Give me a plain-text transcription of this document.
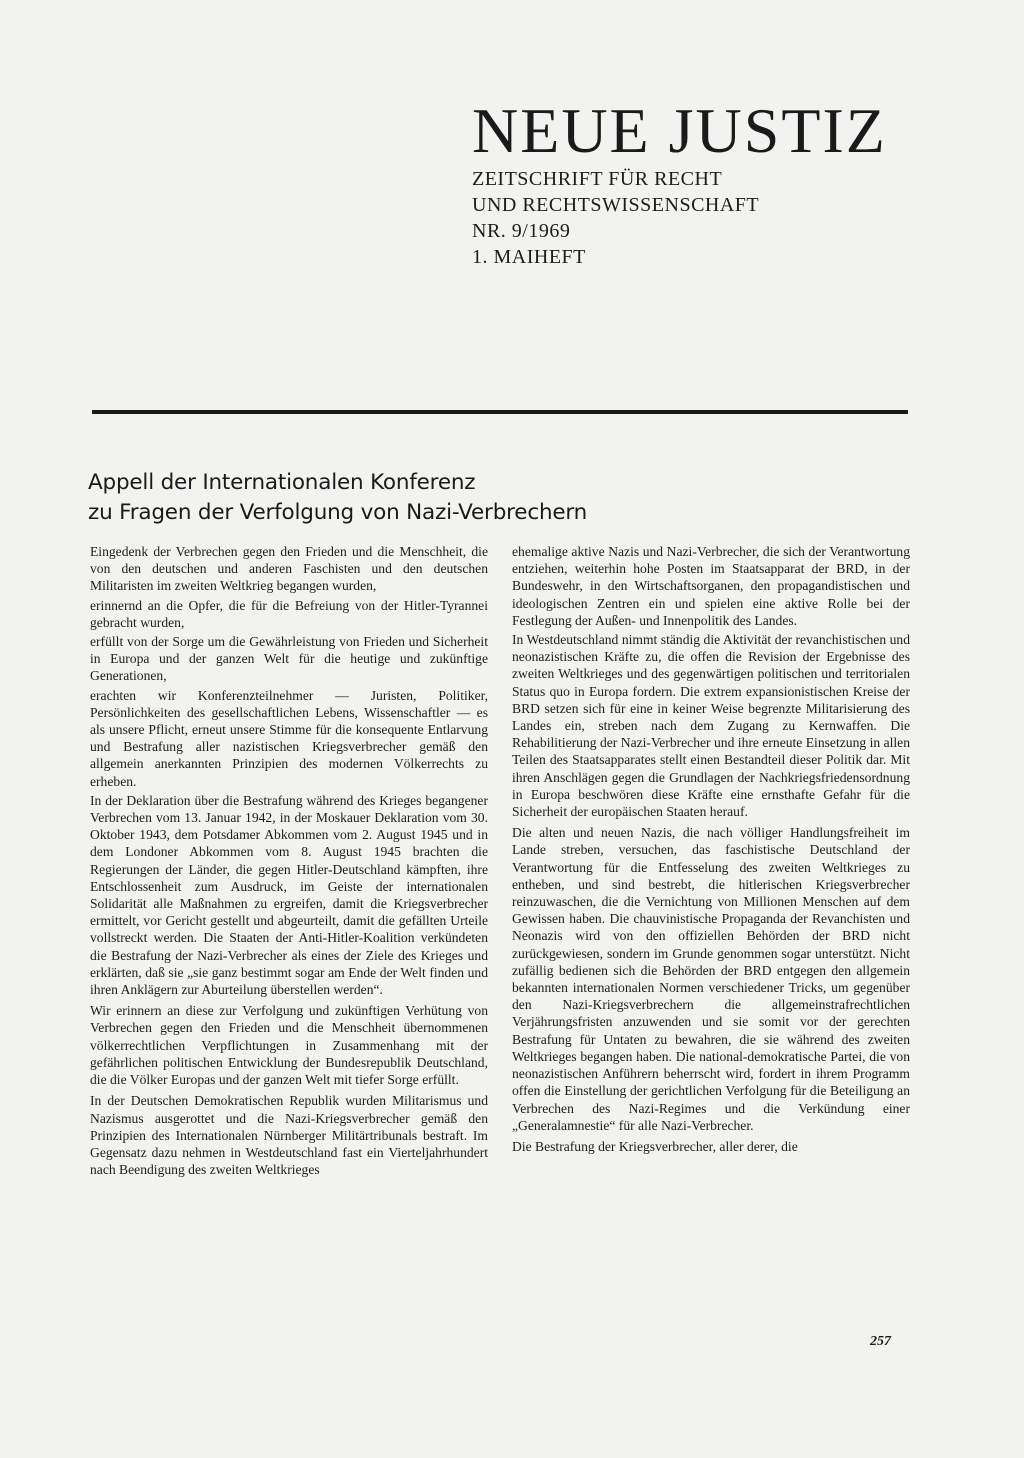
NEUE JUSTIZ
ZEITSCHRIFT FÜR RECHT
UND RECHTSWISSENSCHAFT
NR. 9/1969
1. MAIHEFT
Appell der Internationalen Konferenz
zu Fragen der Verfolgung von Nazi-Verbrechern

Eingedenk der Verbrechen gegen den Frieden und die Menschheit, die von den deutschen und anderen Faschisten und den deutschen Militaristen im zweiten Weltkrieg begangen wurden,

erinnernd an die Opfer, die für die Befreiung von der Hitler-Tyrannei gebracht wurden,

erfüllt von der Sorge um die Gewährleistung von Frieden und Sicherheit in Europa und der ganzen Welt für die heutige und zukünftige Generationen,

erachten wir Konferenzteilnehmer — Juristen, Politiker, Persönlichkeiten des gesellschaftlichen Lebens, Wissenschaftler — es als unsere Pflicht, erneut unsere Stimme für die konsequente Entlarvung und Bestrafung aller nazistischen Kriegsverbrecher gemäß den allgemein anerkannten Prinzipien des modernen Völkerrechts zu erheben.

In der Deklaration über die Bestrafung während des Krieges begangener Verbrechen vom 13. Januar 1942, in der Moskauer Deklaration vom 30. Oktober 1943, dem Potsdamer Abkommen vom 2. August 1945 und in dem Londoner Abkommen vom 8. August 1945 brachten die Regierungen der Länder, die gegen Hitler-Deutschland kämpften, ihre Entschlossenheit zum Ausdruck, im Geiste der internationalen Solidarität alle Maßnahmen zu ergreifen, damit die Kriegsverbrecher ermittelt, vor Gericht gestellt und abgeurteilt, damit die gefällten Urteile vollstreckt werden. Die Staaten der Anti-Hitler-Koalition verkündeten die Bestrafung der Nazi-Verbrecher als eines der Ziele des Krieges und erklärten, daß sie „sie ganz bestimmt sogar am Ende der Welt finden und ihren Anklägern zur Aburteilung überstellen werden“.

Wir erinnern an diese zur Verfolgung und zukünftigen Verhütung von Verbrechen gegen den Frieden und die Menschheit übernommenen völkerrechtlichen Verpflichtungen in Zusammenhang mit der gefährlichen politischen Entwicklung der Bundesrepublik Deutschland, die die Völker Europas und der ganzen Welt mit tiefer Sorge erfüllt.

In der Deutschen Demokratischen Republik wurden Militarismus und Nazismus ausgerottet und die Nazi-Kriegsverbrecher gemäß den Prinzipien des Internationalen Nürnberger Militärtribunals bestraft. Im Gegensatz dazu nehmen in Westdeutschland fast ein Vierteljahrhundert nach Beendigung des zweiten Weltkrieges

ehemalige aktive Nazis und Nazi-Verbrecher, die sich der Verantwortung entziehen, weiterhin hohe Posten im Staatsapparat der BRD, in der Bundeswehr, in den Wirtschaftsorganen, den propagandistischen und ideologischen Zentren ein und spielen eine aktive Rolle bei der Festlegung der Außen- und Innenpolitik des Landes.

In Westdeutschland nimmt ständig die Aktivität der revanchistischen und neonazistischen Kräfte zu, die offen die Revision der Ergebnisse des zweiten Weltkrieges und des gegenwärtigen politischen und territorialen Status quo in Europa fordern. Die extrem expansionistischen Kreise der BRD setzen sich für eine in keiner Weise begrenzte Militarisierung des Landes ein, streben nach dem Zugang zu Kernwaffen. Die Rehabilitierung der Nazi-Verbrecher und ihre erneute Einsetzung in allen Teilen des Staatsapparates stellt einen Bestandteil dieser Politik dar. Mit ihren Anschlägen gegen die Grundlagen der Nachkriegsfriedensordnung in Europa beschwören diese Kräfte eine ernsthafte Gefahr für die Sicherheit der europäischen Staaten herauf.

Die alten und neuen Nazis, die nach völliger Handlungsfreiheit im Lande streben, versuchen, das faschistische Deutschland der Verantwortung für die Entfesselung des zweiten Weltkrieges zu entheben, und sind bestrebt, die hitlerischen Kriegsverbrecher reinzuwaschen, die die Vernichtung von Millionen Menschen auf dem Gewissen haben. Die chauvinistische Propaganda der Revanchisten und Neonazis wird von den offiziellen Behörden der BRD nicht zurückgewiesen, sondern im Grunde genommen sogar unterstützt. Nicht zufällig bedienen sich die Behörden der BRD entgegen den allgemein bekannten internationalen Normen verschiedener Tricks, um gegenüber den Nazi-Kriegsverbrechern die allgemeinstrafrechtlichen Verjährungsfristen anzuwenden und sie somit vor der gerechten Bestrafung für Untaten zu bewahren, die sie während des zweiten Weltkrieges begangen haben. Die national-demokratische Partei, die von neonazistischen Anführern beherrscht wird, fordert in ihrem Programm offen die Einstellung der gerichtlichen Verfolgung für die Beteiligung an Verbrechen des Nazi-Regimes und die Verkündung einer „Generalamnestie“ für alle Nazi-Verbrecher.

Die Bestrafung der Kriegsverbrecher, aller derer, die

257
